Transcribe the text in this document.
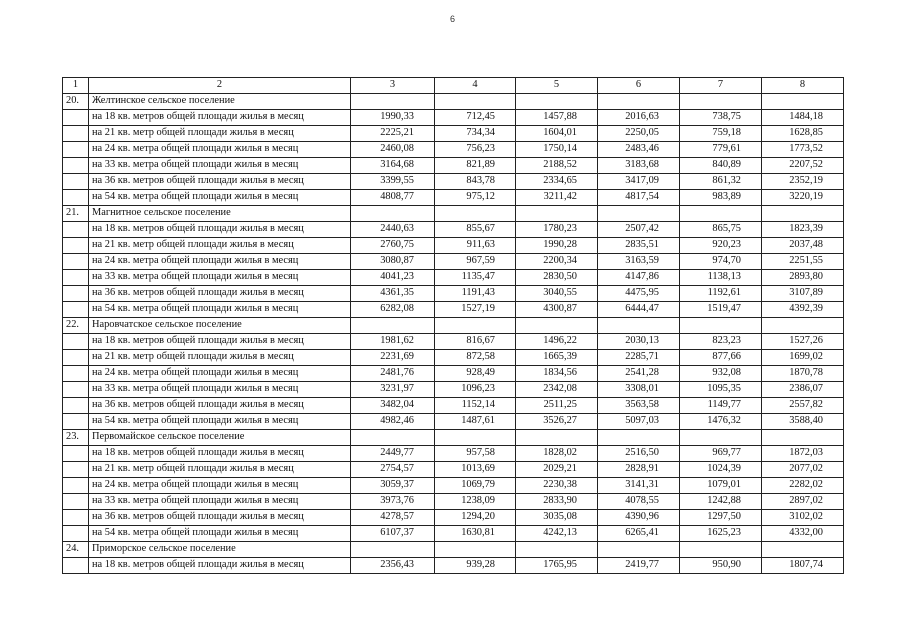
6
1	2	3	4	5	6	7	8
20.	Желтинское сельское поселение						
	на 18 кв. метров общей площади жилья в месяц	1990,33	712,45	1457,88	2016,63	738,75	1484,18
	на 21 кв. метр общей площади жилья в месяц	2225,21	734,34	1604,01	2250,05	759,18	1628,85
	на 24 кв. метра общей площади жилья в месяц	2460,08	756,23	1750,14	2483,46	779,61	1773,52
	на 33 кв. метра общей площади жилья в месяц	3164,68	821,89	2188,52	3183,68	840,89	2207,52
	на 36 кв. метров общей площади жилья в месяц	3399,55	843,78	2334,65	3417,09	861,32	2352,19
	на 54 кв. метра общей площади жилья в месяц	4808,77	975,12	3211,42	4817,54	983,89	3220,19
21.	Магнитное сельское поселение						
	на 18 кв. метров общей площади жилья в месяц	2440,63	855,67	1780,23	2507,42	865,75	1823,39
	на 21 кв. метр общей площади жилья в месяц	2760,75	911,63	1990,28	2835,51	920,23	2037,48
	на 24 кв. метра общей площади жилья в месяц	3080,87	967,59	2200,34	3163,59	974,70	2251,55
	на 33 кв. метра общей площади жилья в месяц	4041,23	1135,47	2830,50	4147,86	1138,13	2893,80
	на 36 кв. метров общей площади жилья в месяц	4361,35	1191,43	3040,55	4475,95	1192,61	3107,89
	на 54 кв. метра общей площади жилья в месяц	6282,08	1527,19	4300,87	6444,47	1519,47	4392,39
22.	Наровчатское сельское поселение						
	на 18 кв. метров общей площади жилья в месяц	1981,62	816,67	1496,22	2030,13	823,23	1527,26
	на 21 кв. метр общей площади жилья в месяц	2231,69	872,58	1665,39	2285,71	877,66	1699,02
	на 24 кв. метра общей площади жилья в месяц	2481,76	928,49	1834,56	2541,28	932,08	1870,78
	на 33 кв. метра общей площади жилья в месяц	3231,97	1096,23	2342,08	3308,01	1095,35	2386,07
	на 36 кв. метров общей площади жилья в месяц	3482,04	1152,14	2511,25	3563,58	1149,77	2557,82
	на 54 кв. метра общей площади жилья в месяц	4982,46	1487,61	3526,27	5097,03	1476,32	3588,40
23.	Первомайское сельское поселение						
	на 18 кв. метров общей площади жилья в месяц	2449,77	957,58	1828,02	2516,50	969,77	1872,03
	на 21 кв. метр общей площади жилья в месяц	2754,57	1013,69	2029,21	2828,91	1024,39	2077,02
	на 24 кв. метра общей площади жилья в месяц	3059,37	1069,79	2230,38	3141,31	1079,01	2282,02
	на 33 кв. метра общей площади жилья в месяц	3973,76	1238,09	2833,90	4078,55	1242,88	2897,02
	на 36 кв. метров общей площади жилья в месяц	4278,57	1294,20	3035,08	4390,96	1297,50	3102,02
	на 54 кв. метра общей площади жилья в месяц	6107,37	1630,81	4242,13	6265,41	1625,23	4332,00
24.	Приморское сельское поселение						
	на 18 кв. метров общей площади жилья в месяц	2356,43	939,28	1765,95	2419,77	950,90	1807,74
